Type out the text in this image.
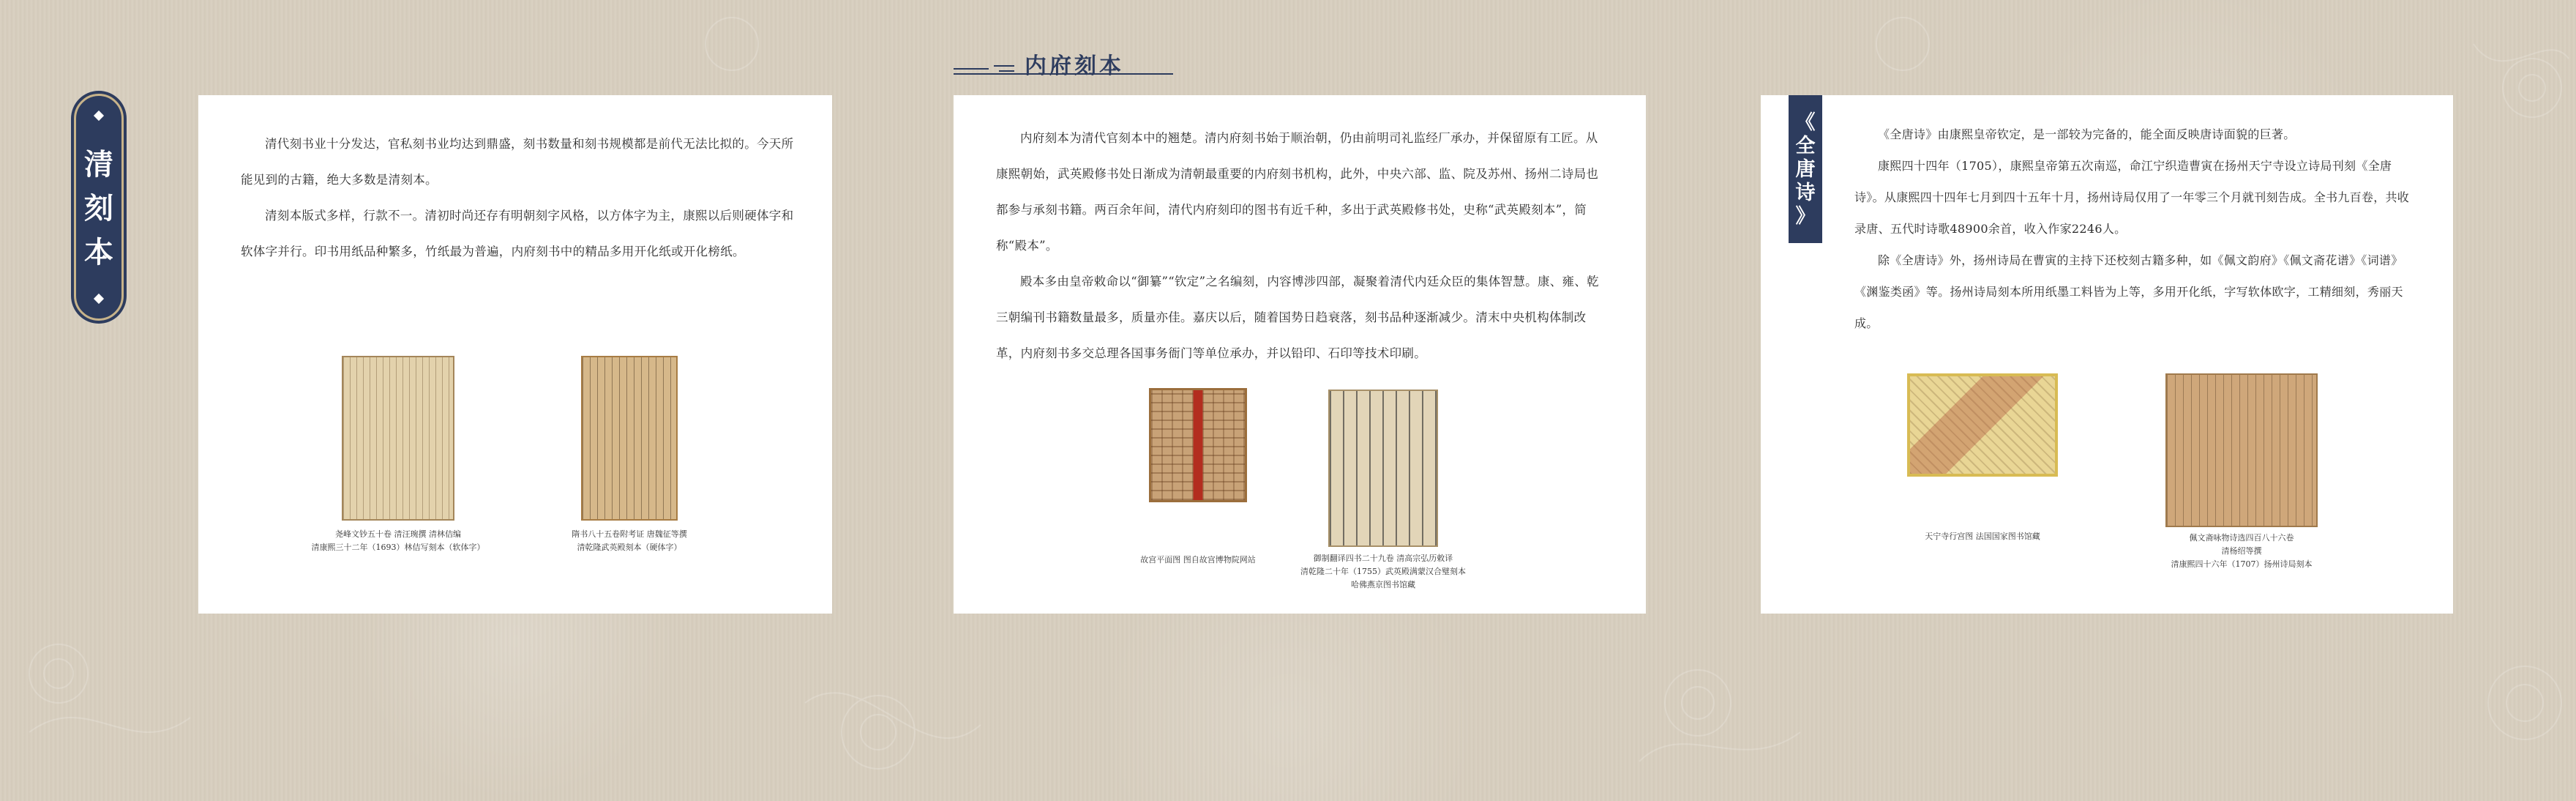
清
刻
本
内府刻本

清代刻书业十分发达，官私刻书业均达到鼎盛，刻书数量和刻书规模都是前代无法比拟的。今天所能见到的古籍，绝大多数是清刻本。

清刻本版式多样，行款不一。清初时尚还存有明朝刻字风格，以方体字为主，康熙以后则硬体字和软体字并行。印书用纸品种繁多，竹纸最为普遍，内府刻书中的精品多用开化纸或开化榜纸。

尧峰文钞五十卷 清汪琬撰 清林佶编
清康熙三十二年（1693）林佶写刻本（软体字）
隋书八十五卷附考证 唐魏征等撰
清乾隆武英殿刻本（硬体字）

内府刻本为清代官刻本中的翘楚。清内府刻书始于顺治朝，仍由前明司礼监经厂承办，并保留原有工匠。从康熙朝始，武英殿修书处日渐成为清朝最重要的内府刻书机构，此外，中央六部、监、院及苏州、扬州二诗局也都参与承刻书籍。两百余年间，清代内府刻印的图书有近千种，多出于武英殿修书处，史称“武英殿刻本”，简称“殿本”。

殿本多由皇帝敕命以“御纂”“钦定”之名编刻，内容博涉四部，凝聚着清代内廷众臣的集体智慧。康、雍、乾三朝编刊书籍数量最多，质量亦佳。嘉庆以后，随着国势日趋衰落，刻书品种逐渐减少。清末中央机构体制改革，内府刻书多交总理各国事务衙门等单位承办，并以铅印、石印等技术印刷。

故宫平面图 图自故宫博物院网站	御制翻译四书二十九卷 清高宗弘历敕译
清乾隆二十年（1755）武英殿满蒙汉合璧刻本
哈佛燕京图书馆藏
《
全
唐
诗
》

《全唐诗》由康熙皇帝钦定，是一部较为完备的，能全面反映唐诗面貌的巨著。

康熙四十四年（1705），康熙皇帝第五次南巡，命江宁织造曹寅在扬州天宁寺设立诗局刊刻《全唐诗》。从康熙四十四年七月到四十五年十月，扬州诗局仅用了一年零三个月就刊刻告成。全书九百卷，共收录唐、五代时诗歌48900余首，收入作家2246人。

除《全唐诗》外，扬州诗局在曹寅的主持下还校刻古籍多种，如《佩文韵府》《佩文斋花谱》《词谱》《渊鉴类函》等。扬州诗局刻本所用纸墨工料皆为上等，多用开化纸，字写软体欧字，工精细刻，秀丽天成。

天宁寺行宫图 法国国家图书馆藏	佩文斋咏物诗选四百八十六卷
清杨绍等撰
清康熙四十六年（1707）扬州诗局刻本
